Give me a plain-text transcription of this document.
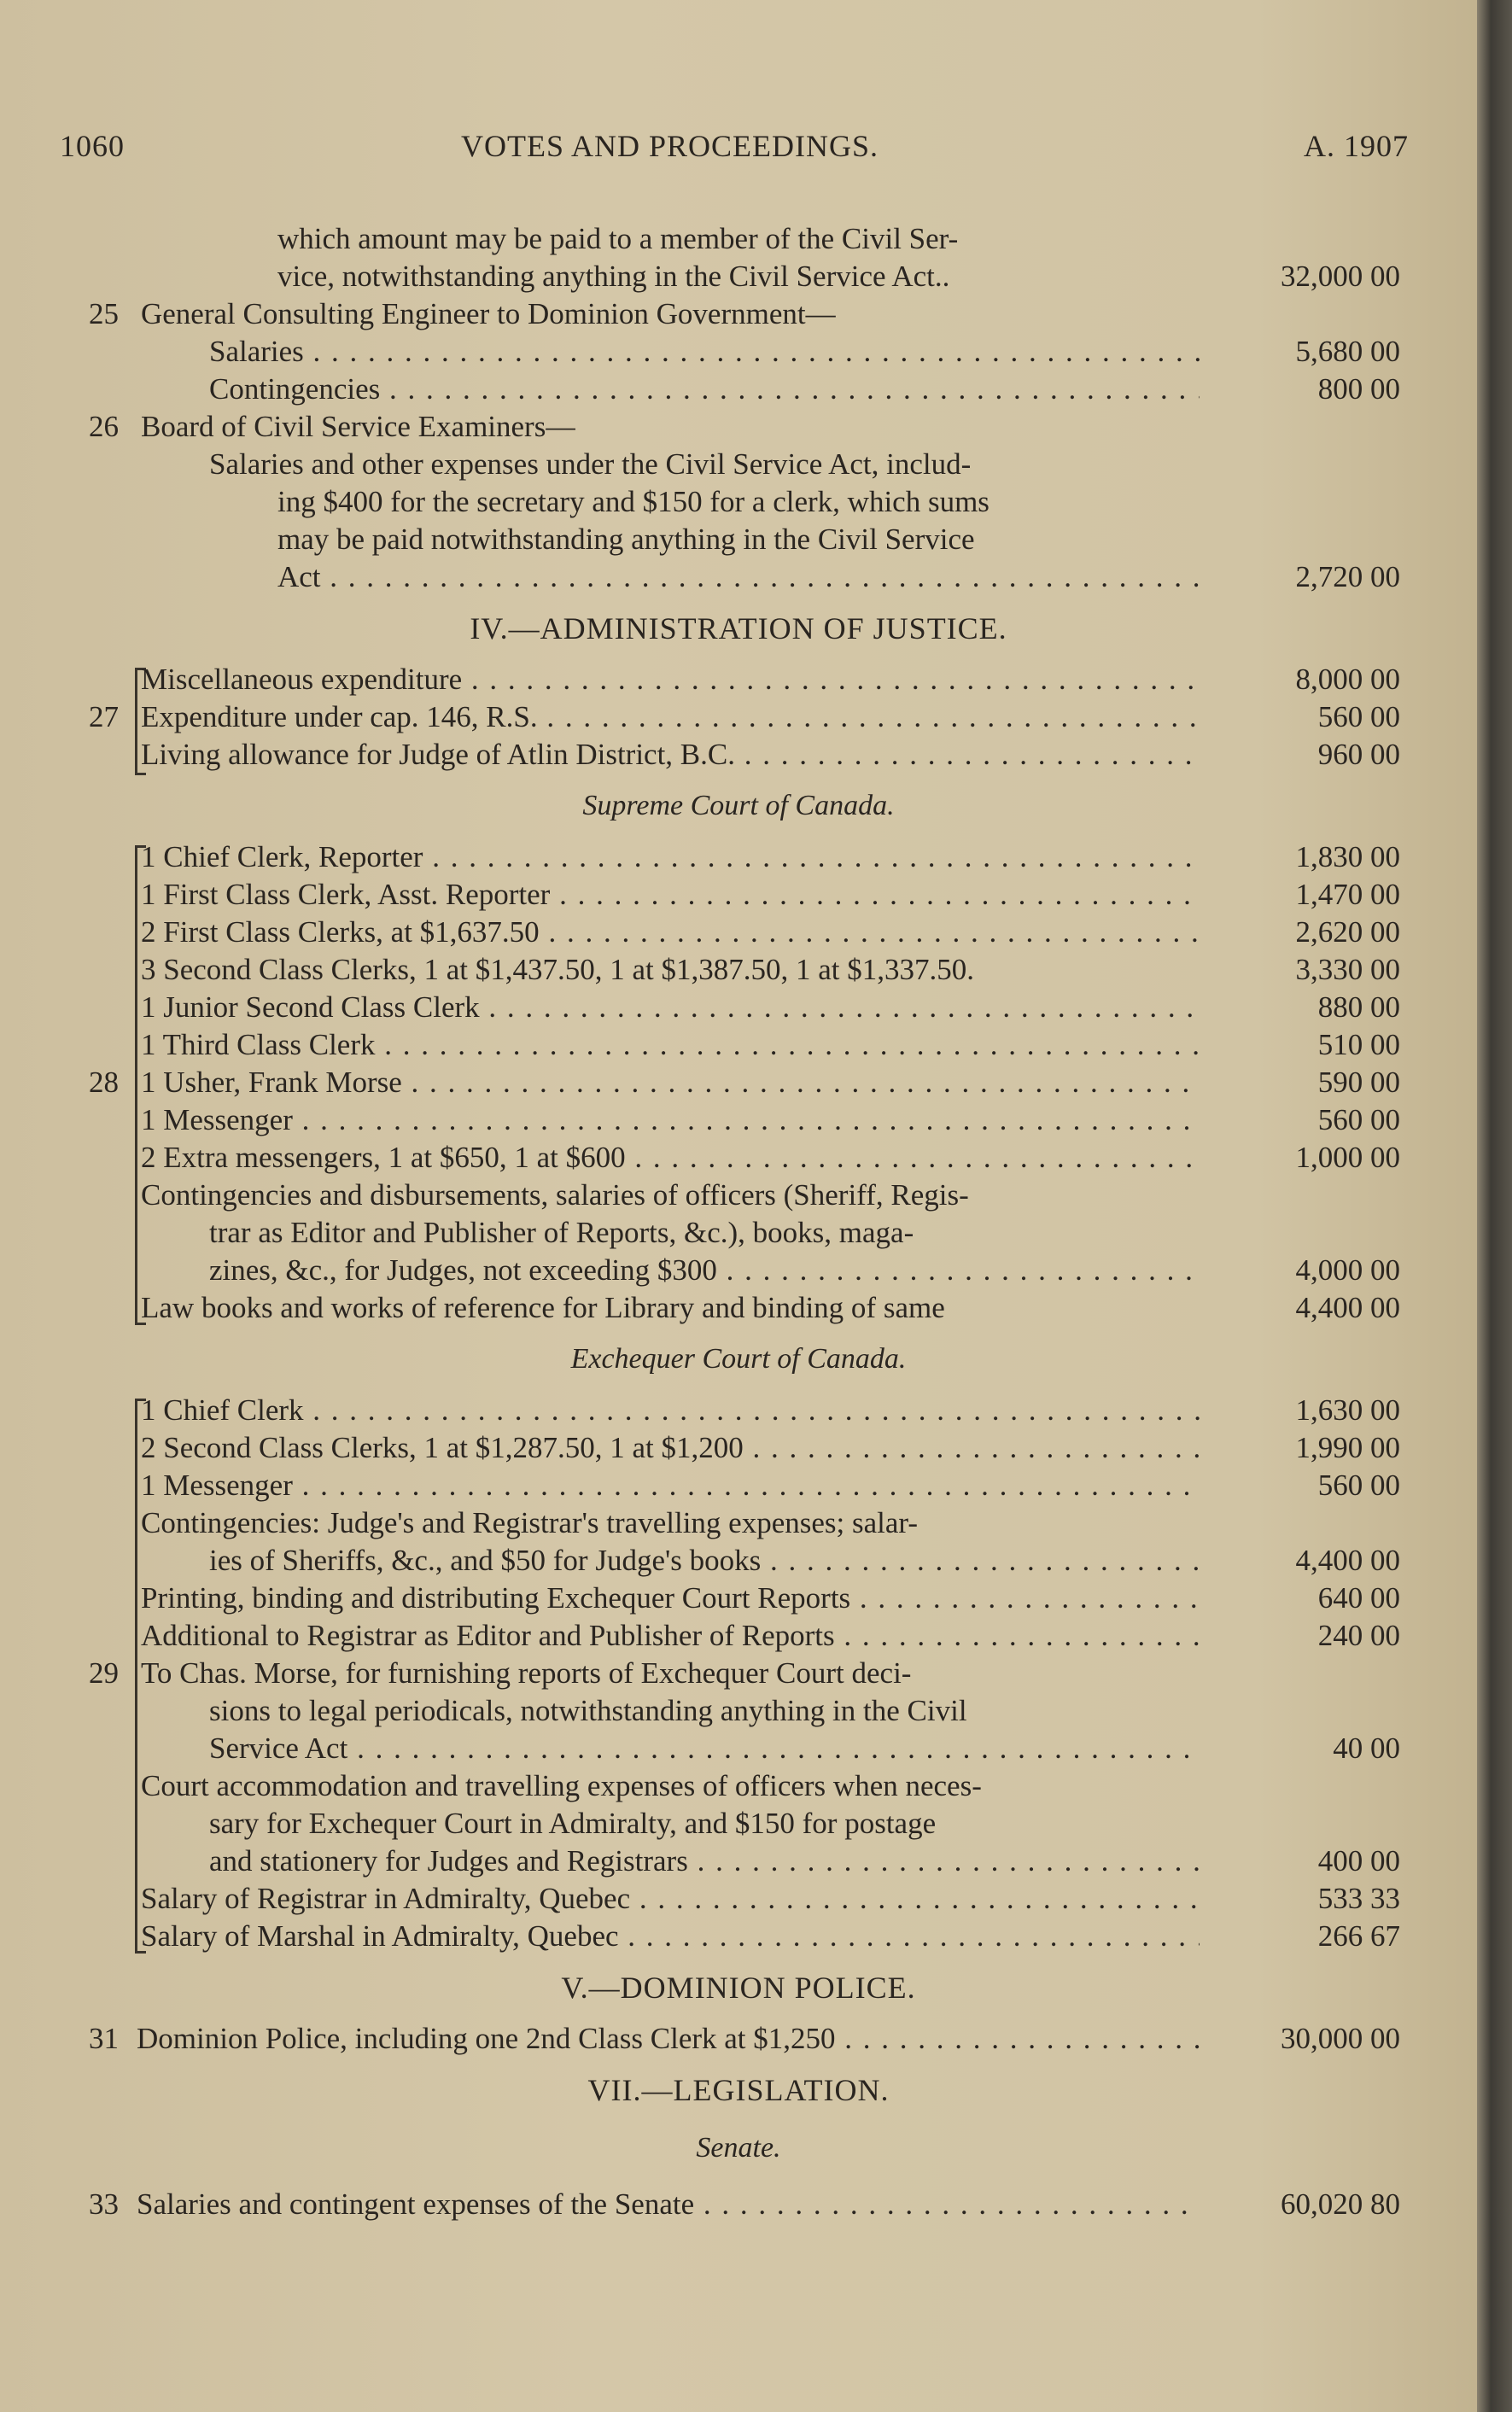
1060	VOTES AND PROCEEDINGS.	A. 1907
which amount may be paid to a member of the Civil Ser-
vice, notwithstanding anything in the Civil Service Act..	32,000 00
25 General Consulting Engineer to Dominion Government—
Salaries . . .	5,680 00
Contingencies . . .	800 00
26 Board of Civil Service Examiners—
Salaries and other expenses under the Civil Service Act, includ-
ing $400 for the secretary and $150 for a clerk, which sums
may be paid notwithstanding anything in the Civil Service
Act . . .	2,720 00
IV.—ADMINISTRATION OF JUSTICE.
27
Miscellaneous expenditure . . .	8,000 00
Expenditure under cap. 146, R.S. . . .	560 00
Living allowance for Judge of Atlin District, B.C. . . .	960 00
Supreme Court of Canada.
28
1 Chief Clerk, Reporter . . .	1,830 00
1 First Class Clerk, Asst. Reporter . . .	1,470 00
2 First Class Clerks, at $1,637.50 . . .	2,620 00
3 Second Class Clerks, 1 at $1,437.50, 1 at $1,387.50, 1 at $1,337.50.	3,330 00
1 Junior Second Class Clerk . . .	880 00
1 Third Class Clerk . . .	510 00
1 Usher, Frank Morse . . .	590 00
1 Messenger . . .	560 00
2 Extra messengers, 1 at $650, 1 at $600 . . .	1,000 00
Contingencies and disbursements, salaries of officers (Sheriff, Regis-
trar as Editor and Publisher of Reports, &c.), books, maga-
zines, &c., for Judges, not exceeding $300 . . .	4,000 00
Law books and works of reference for Library and binding of same	4,400 00
Exchequer Court of Canada.
29
1 Chief Clerk . . .	1,630 00
2 Second Class Clerks, 1 at $1,287.50, 1 at $1,200 . . .	1,990 00
1 Messenger . . .	560 00
Contingencies: Judge's and Registrar's travelling expenses; salar-
ies of Sheriffs, &c., and $50 for Judge's books . . .	4,400 00
Printing, binding and distributing Exchequer Court Reports . . .	640 00
Additional to Registrar as Editor and Publisher of Reports . . .	240 00
To Chas. Morse, for furnishing reports of Exchequer Court deci-
sions to legal periodicals, notwithstanding anything in the Civil
Service Act . . .	40 00
Court accommodation and travelling expenses of officers when neces-
sary for Exchequer Court in Admiralty, and $150 for postage
and stationery for Judges and Registrars . . .	400 00
Salary of Registrar in Admiralty, Quebec . . .	533 33
Salary of Marshal in Admiralty, Quebec . . .	266 67
V.—DOMINION POLICE.
31 Dominion Police, including one 2nd Class Clerk at $1,250 . . .	30,000 00
VII.—LEGISLATION.
Senate.
33 Salaries and contingent expenses of the Senate . . .	60,020 80
